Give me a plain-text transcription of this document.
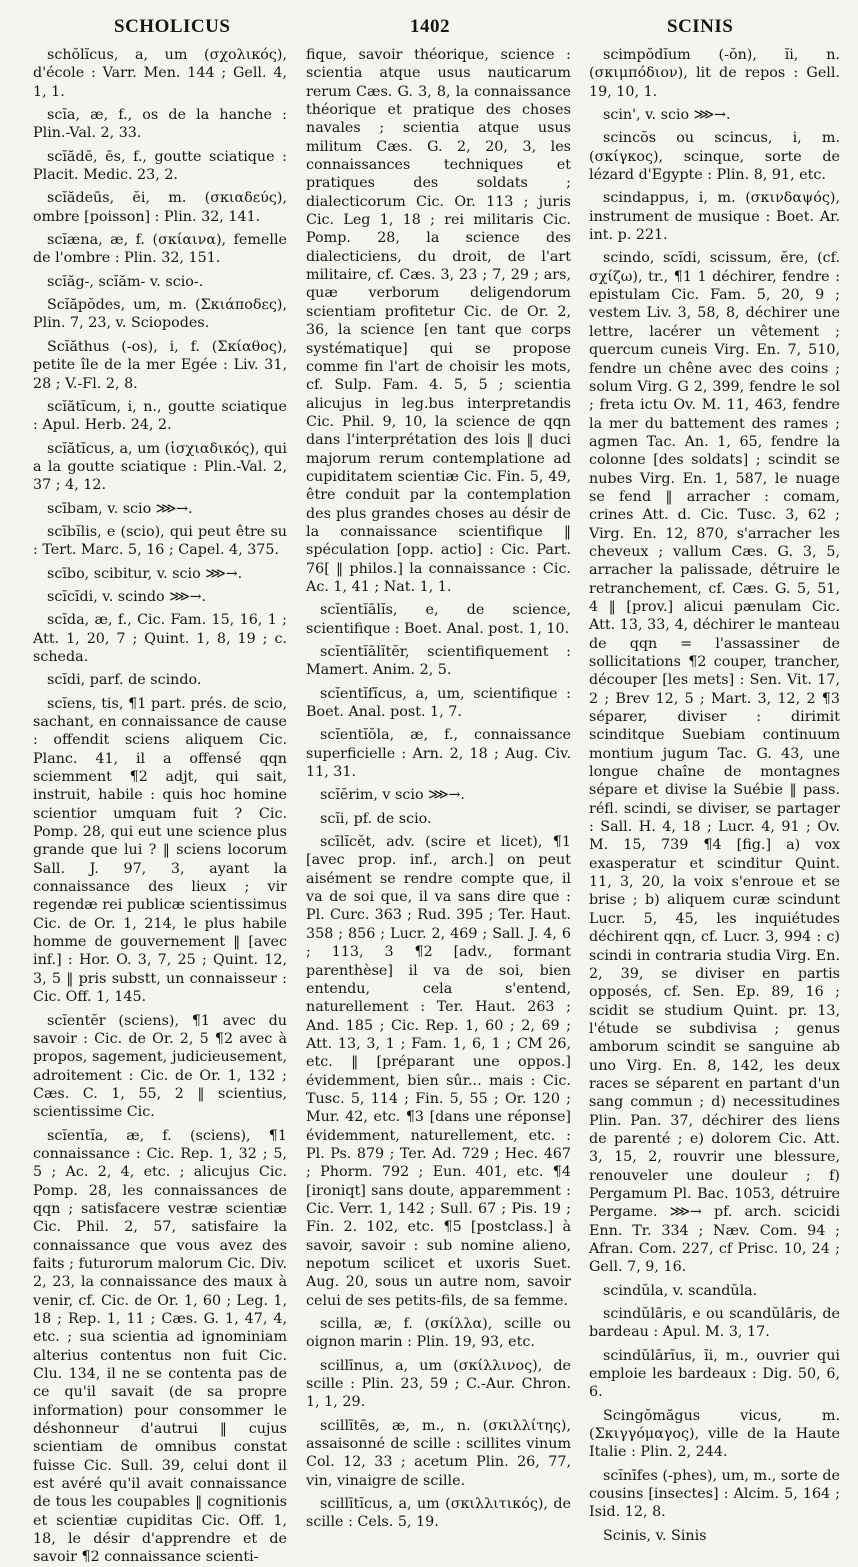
SCHOLICUS	1402	SCINIS

schŏlĭcus, a, um (σχολικός), d'école : Varr. Men. 144 ; Gell. 4, 1, 1.

scĭa, æ, f., os de la hanche : Plin.-Val. 2, 33.

scĭădē, ēs, f., goutte sciatique : Placit. Medic. 23, 2.

scĭădeūs, ĕi, m. (σκιαδεύς), ombre [poisson] : Plin. 32, 141.

scĭæna, æ, f. (σκίαινα), femelle de l'ombre : Plin. 32, 151.

scĭăg-, scĭăm- v. scio-.

Scĭăpŏdes, um, m. (Σκιάποδες), Plin. 7, 23, v. Sciopodes.

Scĭăthus (-os), i, f. (Σκίαθος), petite île de la mer Egée : Liv. 31, 28 ; V.-Fl. 2, 8.

scĭătĭcum, i, n., goutte sciatique : Apul. Herb. 24, 2.

scĭătĭcus, a, um (ἰσχιαδικός), qui a la goutte sciatique : Plin.-Val. 2, 37 ; 4, 12.

scībam, v. scio ⋙→.

scībĭlis, e (scio), qui peut être su : Tert. Marc. 5, 16 ; Capel. 4, 375.

scībo, scibitur, v. scio ⋙→.

scĭcĭdi, v. scindo ⋙→.

scĭda, æ, f., Cic. Fam. 15, 16, 1 ; Att. 1, 20, 7 ; Quint. 1, 8, 19 ; c. scheda.

scĭdi, parf. de scindo.

scĭens, tis, ¶1 part. prés. de scio, sachant, en connaissance de cause : offendit sciens aliquem Cic. Planc. 41, il a offensé qqn sciemment ¶2 adjt, qui sait, instruit, habile : quis hoc homine scientior umquam fuit ? Cic. Pomp. 28, qui eut une science plus grande que lui ? ‖ sciens locorum Sall. J. 97, 3, ayant la connaissance des lieux ; vir regendæ rei publicæ scientissimus Cic. de Or. 1, 214, le plus habile homme de gouvernement ‖ [avec inf.] : Hor. O. 3, 7, 25 ; Quint. 12, 3, 5 ‖ pris substt, un connaisseur : Cic. Off. 1, 145.

scĭentĕr (sciens), ¶1 avec du savoir : Cic. de Or. 2, 5 ¶2 avec à propos, sagement, judicieusement, adroitement : Cic. de Or. 1, 132 ; Cæs. C. 1, 55, 2 ‖ scientius, scientissime Cic.

scĭentĭa, æ, f. (sciens), ¶1 connaissance : Cic. Rep. 1, 32 ; 5, 5 ; Ac. 2, 4, etc. ; alicujus Cic. Pomp. 28, les connaissances de qqn ; satisfacere vestræ scientiæ Cic. Phil. 2, 57, satisfaire la connaissance que vous avez des faits ; futurorum malorum Cic. Div. 2, 23, la connaissance des maux à venir, cf. Cic. de Or. 1, 60 ; Leg. 1, 18 ; Rep. 1, 11 ; Cæs. G. 1, 47, 4, etc. ; sua scientia ad ignominiam alterius contentus non fuit Cic. Clu. 134, il ne se contenta pas de ce qu'il savait (de sa propre information) pour consommer le déshonneur d'autrui ‖ cujus scientiam de omnibus constat fuisse Cic. Sull. 39, celui dont il est avéré qu'il avait connaissance de tous les coupables ‖ cognitionis et scientiæ cupiditas Cic. Off. 1, 18, le désir d'apprendre et de savoir ¶2 connaissance scienti-

fique, savoir théorique, science : scientia atque usus nauticarum rerum Cæs. G. 3, 8, la connaissance théorique et pratique des choses navales ; scientia atque usus militum Cæs. G. 2, 20, 3, les connaissances techniques et pratiques des soldats ; dialecticorum Cic. Or. 113 ; juris Cic. Leg 1, 18 ; rei militaris Cic. Pomp. 28, la science des dialecticiens, du droit, de l'art militaire, cf. Cæs. 3, 23 ; 7, 29 ; ars, quæ verborum deligendorum scientiam profitetur Cic. de Or. 2, 36, la science [en tant que corps systématique] qui se propose comme fin l'art de choisir les mots, cf. Sulp. Fam. 4. 5, 5 ; scientia alicujus in leg.bus interpretandis Cic. Phil. 9, 10, la science de qqn dans l'interprétation des lois ‖ duci majorum rerum contemplatione ad cupiditatem scientiæ Cic. Fin. 5, 49, être conduit par la contemplation des plus grandes choses au désir de la connaissance scientifique ‖ spéculation [opp. actio] : Cic. Part. 76[ ‖ philos.] la connaissance : Cic. Ac. 1, 41 ; Nat. 1, 1.

scĭentĭālĭs, e, de science, scientifique : Boet. Anal. post. 1, 10.

scĭentĭālĭtĕr, scientifiquement : Mamert. Anim. 2, 5.

scĭentĭfĭcus, a, um, scientifique : Boet. Anal. post. 1, 7.

scĭentĭŏla, æ, f., connaissance superficielle : Arn. 2, 18 ; Aug. Civ. 11, 31.

scĭĕrim, v scio ⋙→.

scĭi, pf. de scio.

scīlĭcĕt, adv. (scire et licet), ¶1 [avec prop. inf., arch.] on peut aisément se rendre compte que, il va de soi que, il va sans dire que : Pl. Curc. 363 ; Rud. 395 ; Ter. Haut. 358 ; 856 ; Lucr. 2, 469 ; Sall. J. 4, 6 ; 113, 3 ¶2 [adv., formant parenthèse] il va de soi, bien entendu, cela s'entend, naturellement : Ter. Haut. 263 ; And. 185 ; Cic. Rep. 1, 60 ; 2, 69 ; Att. 13, 3, 1 ; Fam. 1, 6, 1 ; CM 26, etc. ‖ [préparant une oppos.] évidemment, bien sûr... mais : Cic. Tusc. 5, 114 ; Fin. 5, 55 ; Or. 120 ; Mur. 42, etc. ¶3 [dans une réponse] évidemment, naturellement, etc. : Pl. Ps. 879 ; Ter. Ad. 729 ; Hec. 467 ; Phorm. 792 ; Eun. 401, etc. ¶4 [ironiqt] sans doute, apparemment : Cic. Verr. 1, 142 ; Sull. 67 ; Pis. 19 ; Fin. 2. 102, etc. ¶5 [postclass.] à savoir, savoir : sub nomine alieno, nepotum scilicet et uxoris Suet. Aug. 20, sous un autre nom, savoir celui de ses petits-fils, de sa femme.

scilla, æ, f. (σκίλλα), scille ou oignon marin : Plin. 19, 93, etc.

scillīnus, a, um (σκίλλινος), de scille : Plin. 23, 59 ; C.-Aur. Chron. 1, 1, 29.

scillītēs, æ, m., n. (σκιλλίτης), assaisonné de scille : scillites vinum Col. 12, 33 ; acetum Plin. 26, 77, vin, vinaigre de scille.

scillītĭcus, a, um (σκιλλιτικός), de scille : Cels. 5, 19.

scimpŏdĭum (-ŏn), ĭi, n. (σκιμπόδιον), lit de repos : Gell. 19, 10, 1.

scin', v. scio ⋙→.

scincŏs ou scincus, i, m. (σκίγκος), scinque, sorte de lézard d'Egypte : Plin. 8, 91, etc.

scindappus, i, m. (σκινδαψός), instrument de musique : Boet. Ar. int. p. 221.

scindo, scĭdi, scissum, ĕre, (cf. σχίζω), tr., ¶1 1 déchirer, fendre : epistulam Cic. Fam. 5, 20, 9 ; vestem Liv. 3, 58, 8, déchirer une lettre, lacérer un vêtement ; quercum cuneis Virg. En. 7, 510, fendre un chêne avec des coins ; solum Virg. G 2, 399, fendre le sol ; freta ictu Ov. M. 11, 463, fendre la mer du battement des rames ; agmen Tac. An. 1, 65, fendre la colonne [des soldats] ; scindit se nubes Virg. En. 1, 587, le nuage se fend ‖ arracher : comam, crines Att. d. Cic. Tusc. 3, 62 ; Virg. En. 12, 870, s'arracher les cheveux ; vallum Cæs. G. 3, 5, arracher la palissade, détruire le retranchement, cf. Cæs. G. 5, 51, 4 ‖ [prov.] alicui pænulam Cic. Att. 13, 33, 4, déchirer le manteau de qqn = l'assassiner de sollicitations ¶2 couper, trancher, découper [les mets] : Sen. Vit. 17, 2 ; Brev 12, 5 ; Mart. 3, 12, 2 ¶3 séparer, diviser : dirimit scinditque Suebiam continuum montium jugum Tac. G. 43, une longue chaîne de montagnes sépare et divise la Suébie ‖ pass. réfl. scindi, se diviser, se partager : Sall. H. 4, 18 ; Lucr. 4, 91 ; Ov. M. 15, 739 ¶4 [fig.] a) vox exasperatur et scinditur Quint. 11, 3, 20, la voix s'enroue et se brise ; b) aliquem curæ scindunt Lucr. 5, 45, les inquiétudes déchirent qqn, cf. Lucr. 3, 994 : c) scindi in contraria studia Virg. En. 2, 39, se diviser en partis opposés, cf. Sen. Ep. 89, 16 ; scidit se studium Quint. pr. 13, l'étude se subdivisa ; genus amborum scindit se sanguine ab uno Virg. En. 8, 142, les deux races se séparent en partant d'un sang commun ; d) necessitudines Plin. Pan. 37, déchirer des liens de parenté ; e) dolorem Cic. Att. 3, 15, 2, rouvrir une blessure, renouveler une douleur ; f) Pergamum Pl. Bac. 1053, détruire Pergame. ⋙→ pf. arch. scicidi Enn. Tr. 334 ; Næv. Com. 94 ; Afran. Com. 227, cf Prisc. 10, 24 ; Gell. 7, 9, 16.

scindŭla, v. scandŭla.

scindŭlāris, e ou scandŭlāris, de bardeau : Apul. M. 3, 17.

scindŭlārĭus, ĭi, m., ouvrier qui emploie les bardeaux : Dig. 50, 6, 6.

Scingŏmăgus vicus, m. (Σκιγγόμαγος), ville de la Haute Italie : Plin. 2, 244.

scĭnīfes (-phes), um, m., sorte de cousins [insectes] : Alcim. 5, 164 ; Isid. 12, 8.

Scinis, v. Sinis
